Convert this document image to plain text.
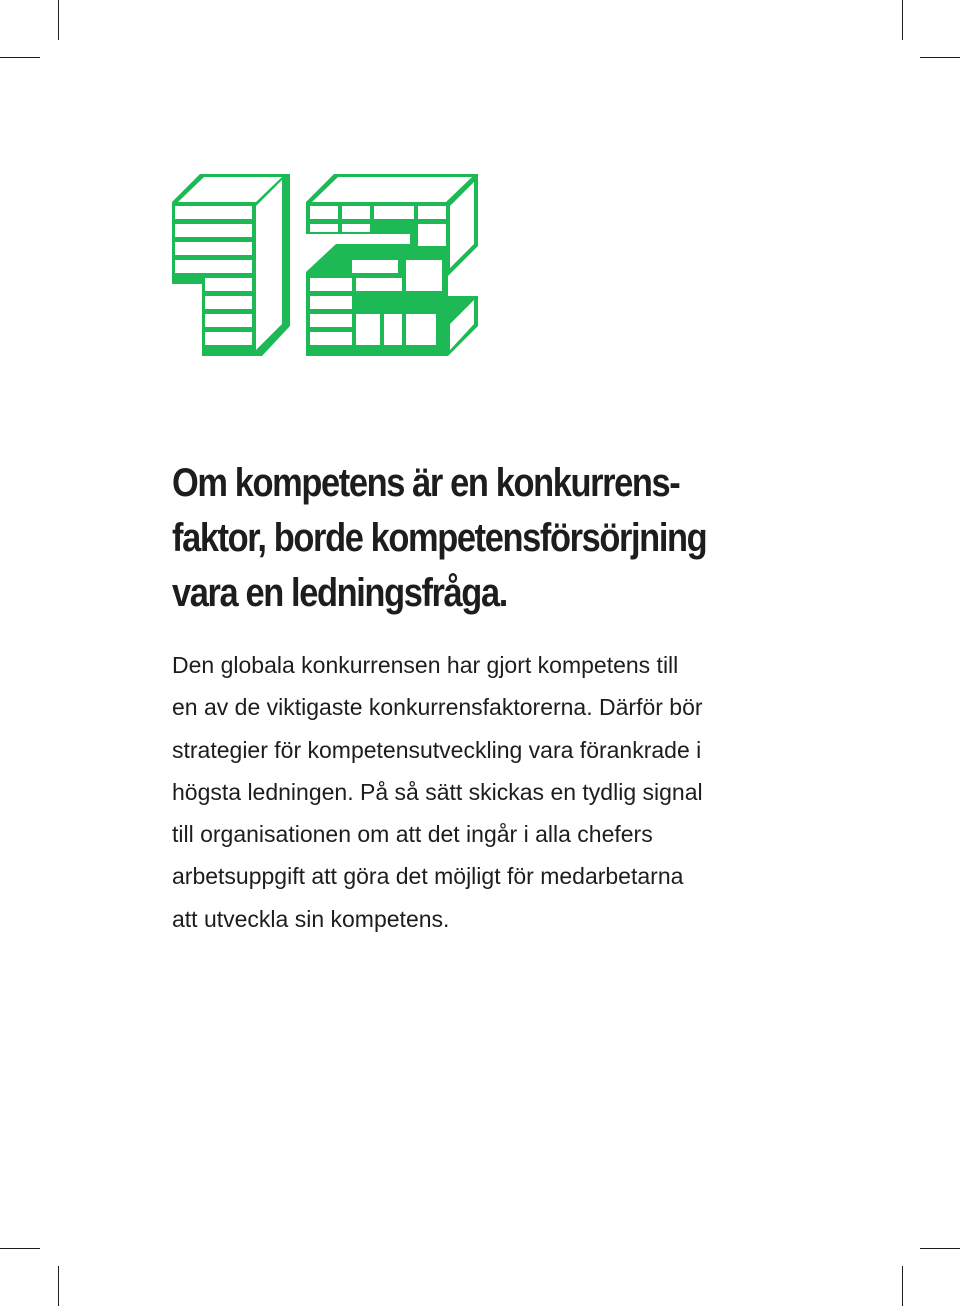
12
Om kompetens är en konkurrens-
faktor, borde kompetensförsörjning
vara en ledningsfråga.

Den globala konkurrensen har gjort kompetens till
en av de viktigaste konkurrensfaktorerna. Därför bör
strategier för kompetensutveckling vara förankrade i
högsta ledningen. På så sätt skickas en tydlig signal
till organisationen om att det ingår i alla chefers
arbetsuppgift att göra det möjligt för medarbetarna
att utveckla sin kompetens.
